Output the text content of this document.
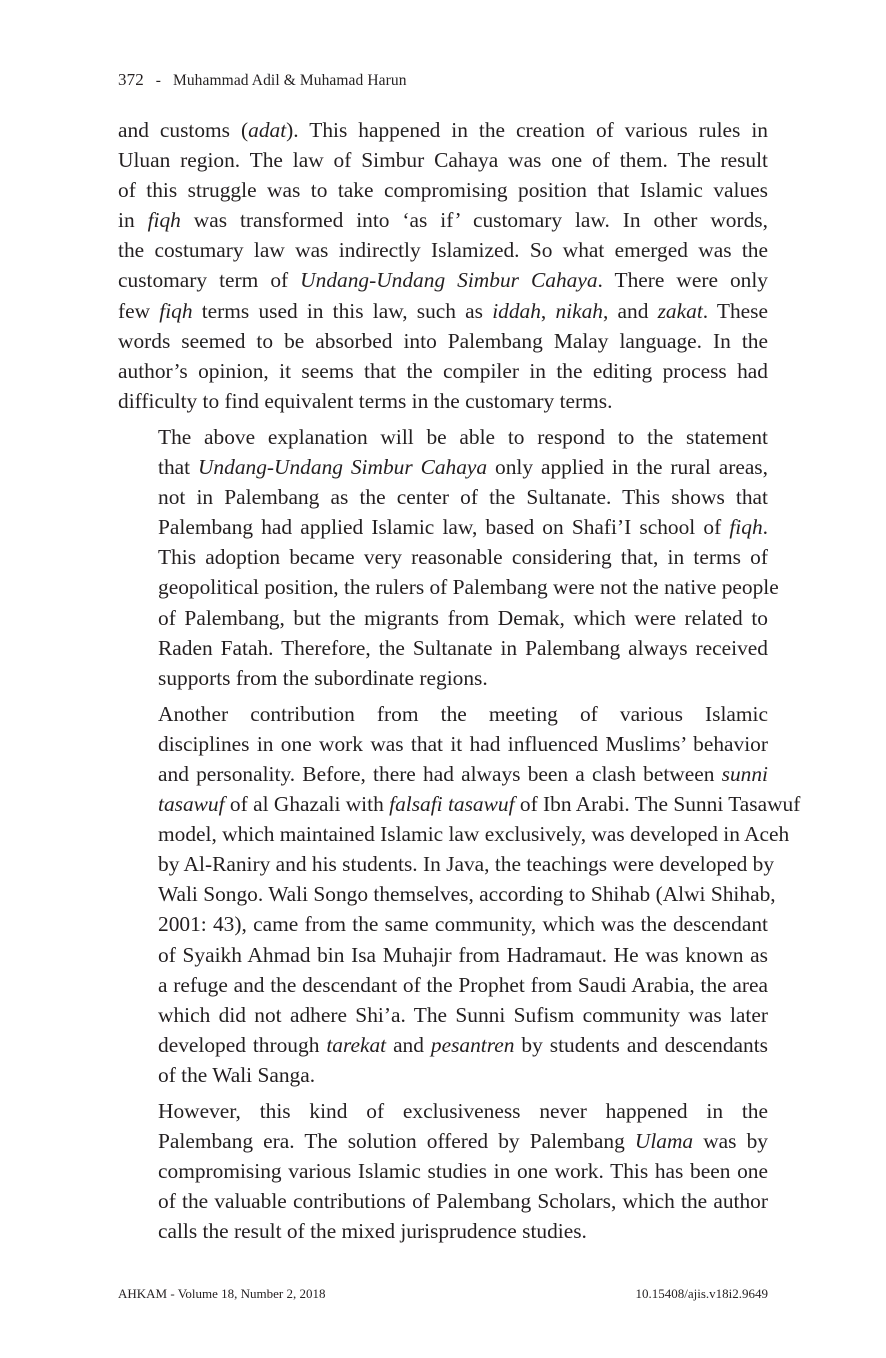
372 - Muhammad Adil & Muhamad Harun
and customs (adat). This happened in the creation of various rules in
Uluan region. The law of Simbur Cahaya was one of them. The result
of this struggle was to take compromising position that Islamic values
in fiqh was transformed into ‘as if’ customary law. In other words,
the costumary law was indirectly Islamized. So what emerged was the
customary term of Undang-Undang Simbur Cahaya. There were only
few fiqh terms used in this law, such as iddah, nikah, and zakat. These
words seemed to be absorbed into Palembang Malay language. In the
author’s opinion, it seems that the compiler in the editing process had
difficulty to find equivalent terms in the customary terms.
The above explanation will be able to respond to the statement
that Undang-Undang Simbur Cahaya only applied in the rural areas,
not in Palembang as the center of the Sultanate. This shows that
Palembang had applied Islamic law, based on Shafi’I school of fiqh.
This adoption became very reasonable considering that, in terms of
geopolitical position, the rulers of Palembang were not the native people
of Palembang, but the migrants from Demak, which were related to
Raden Fatah. Therefore, the Sultanate in Palembang always received
supports from the subordinate regions.
Another contribution from the meeting of various Islamic
disciplines in one work was that it had influenced Muslims’ behavior
and personality. Before, there had always been a clash between sunni
tasawuf of al Ghazali with falsafi tasawuf of Ibn Arabi. The Sunni Tasawuf
model, which maintained Islamic law exclusively, was developed in Aceh
by Al-Raniry and his students. In Java, the teachings were developed by
Wali Songo. Wali Songo themselves, according to Shihab (Alwi Shihab,
2001: 43), came from the same community, which was the descendant
of Syaikh Ahmad bin Isa Muhajir from Hadramaut. He was known as
a refuge and the descendant of the Prophet from Saudi Arabia, the area
which did not adhere Shi’a. The Sunni Sufism community was later
developed through tarekat and pesantren by students and descendants
of the Wali Sanga.
However, this kind of exclusiveness never happened in the
Palembang era. The solution offered by Palembang Ulama was by
compromising various Islamic studies in one work. This has been one
of the valuable contributions of Palembang Scholars, which the author
calls the result of the mixed jurisprudence studies.
AHKAM - Volume 18, Number 2, 2018	10.15408/ajis.v18i2.9649
